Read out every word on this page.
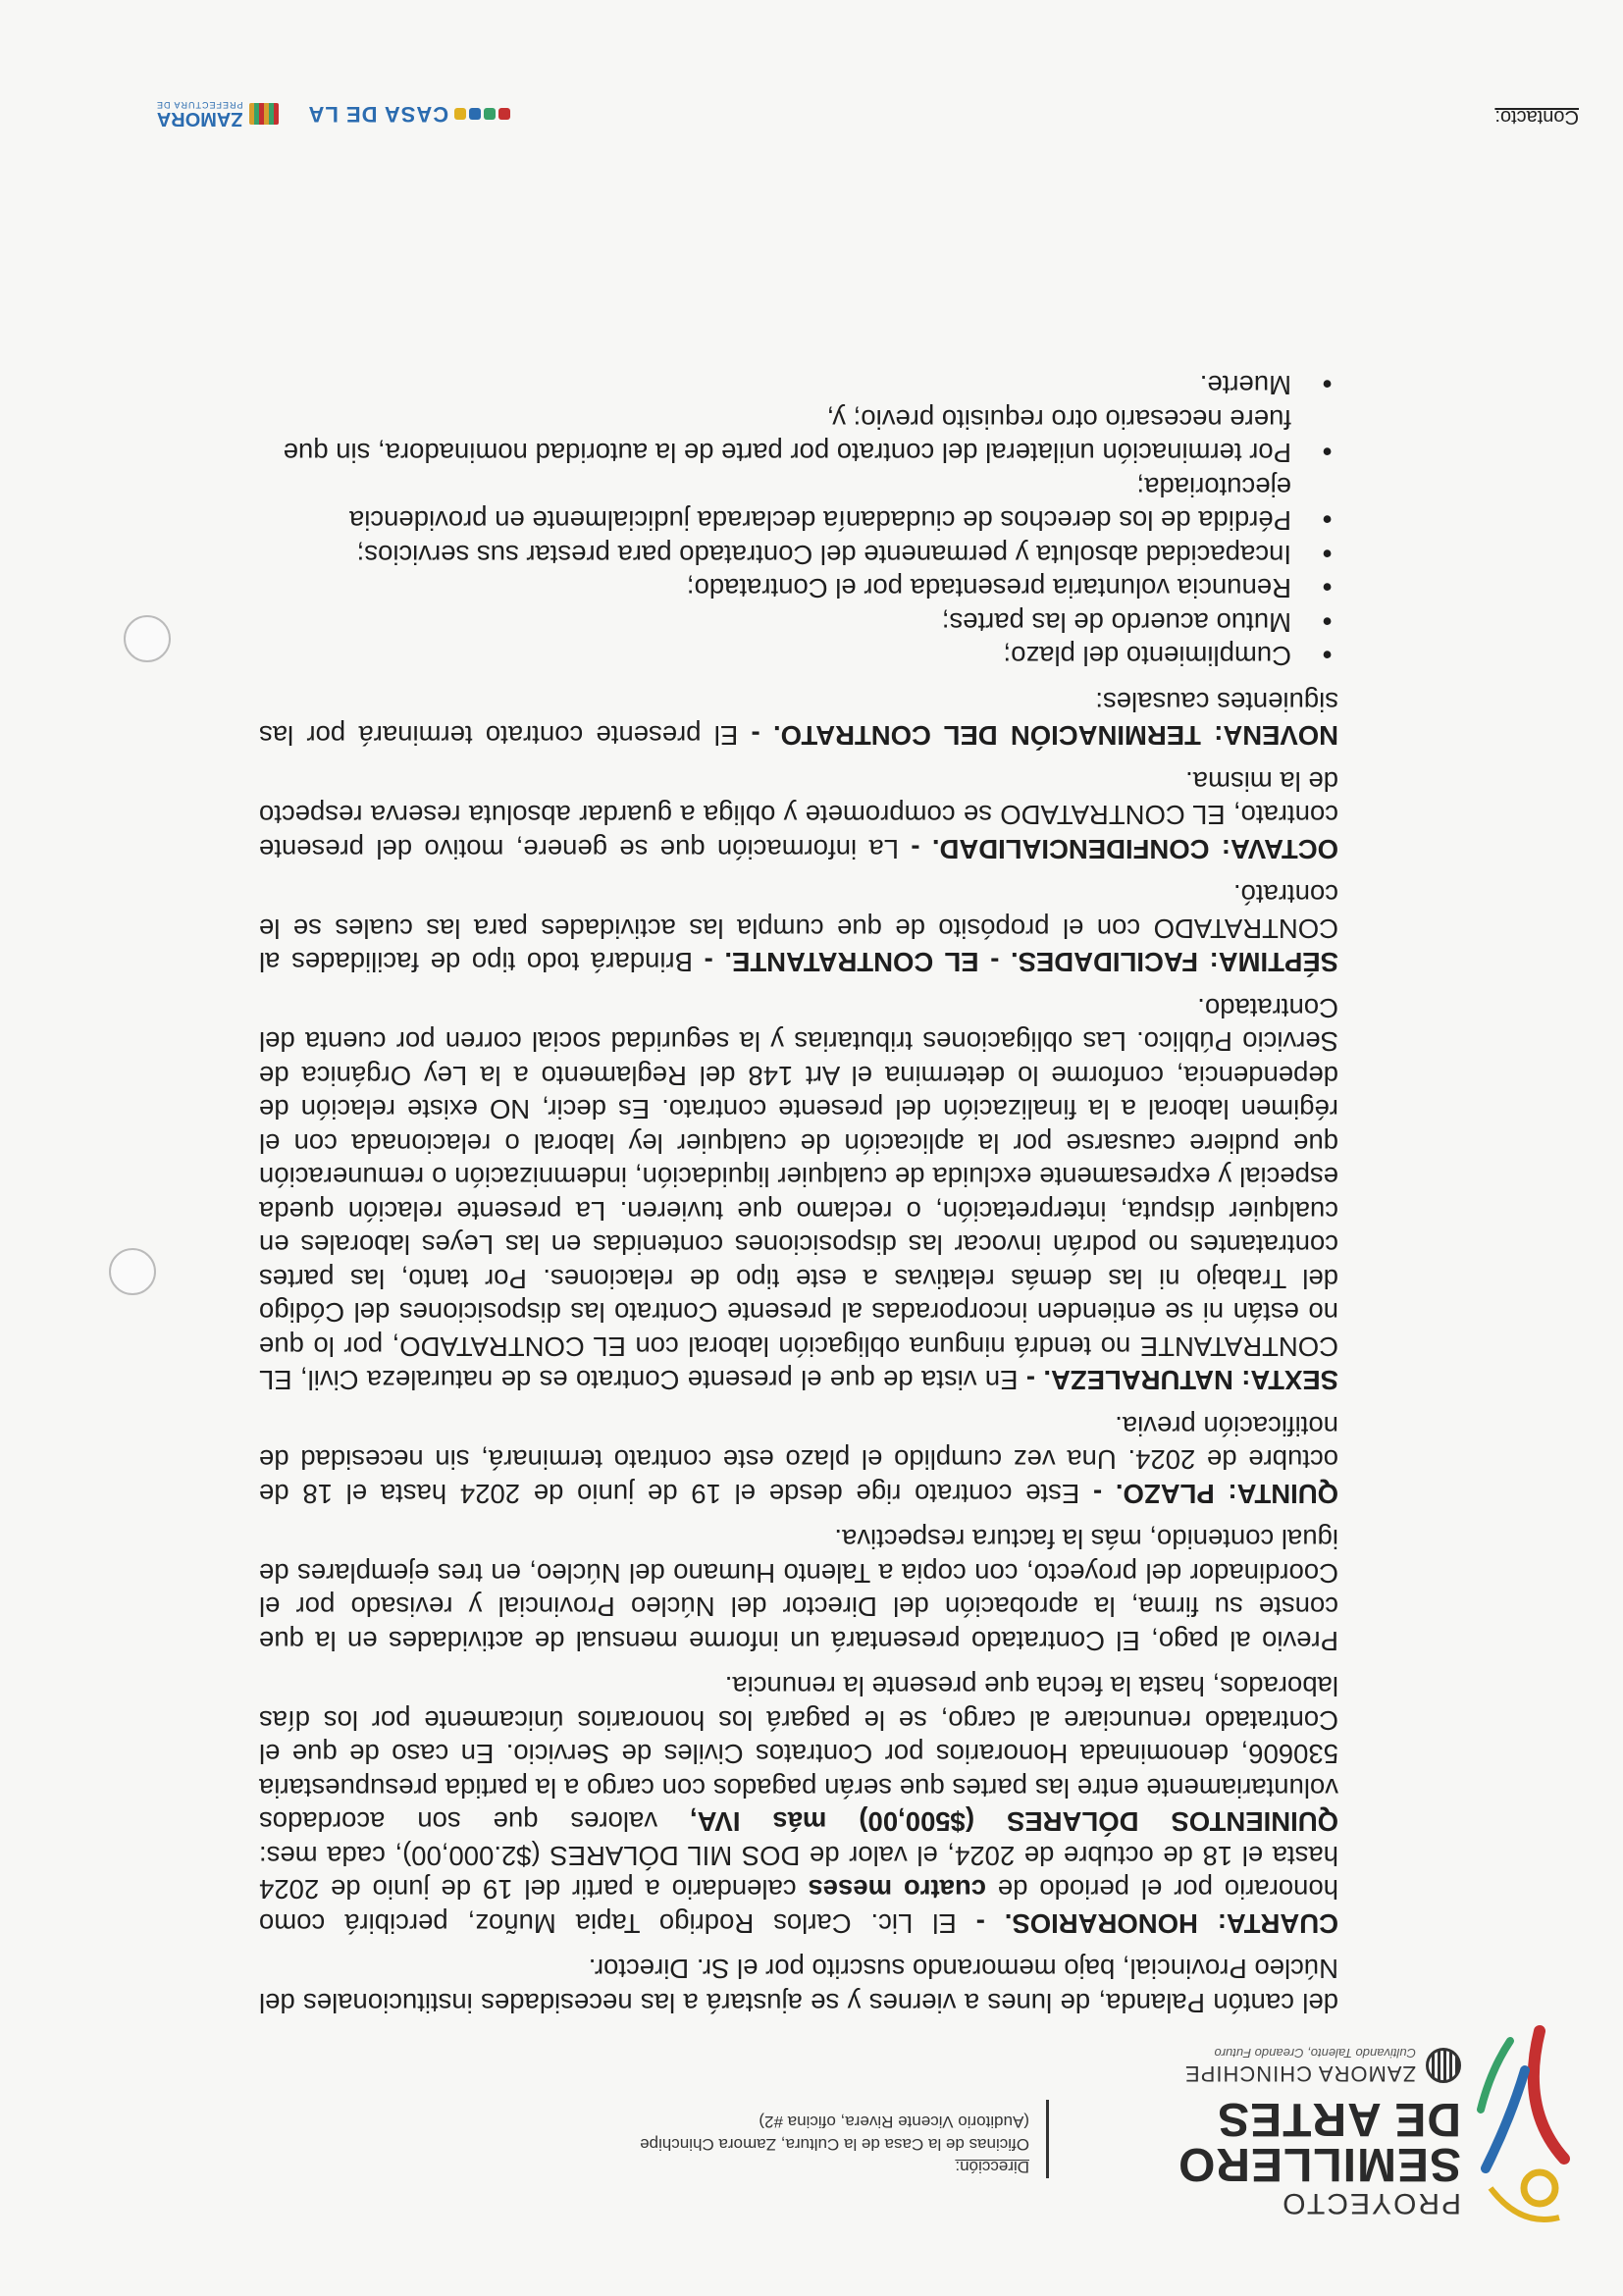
PROYECTO

SEMILLERO

DE ARTES

ZAMORA CHINCHIPE

Cultivando Talento, Creando Futuro

Dirección:

Oficinas de la Casa de la Cultura, Zamora Chinchipe

(Auditorio Vicente Rivera, oficina #2)

del cantón Palanda, de lunes a viernes y se ajustará a las necesidades institucionales del Núcleo Provincial, bajo memorando suscrito por el Sr. Director.

CUARTA: HONORARIOS. - El Lic. Carlos Rodrigo Tapia Muñoz, percibirá como honorario por el periodo de cuatro meses calendario a partir del 19 de junio de 2024 hasta el 18 de octubre de 2024, el valor de DOS MIL DÓLARES ($2.000,00), cada mes: QUINIENTOS DÓLARES ($500,00) más IVA, valores que son acordados voluntariamente entre las partes que serán pagados con cargo a la partida presupuestaria 530606, denominada Honorarios por Contratos Civiles de Servicio. En caso de que el Contratado renunciare al cargo, se le pagará los honorarios únicamente por los días laborados, hasta la fecha que presente la renuncia.

Previo al pago, El Contratado presentará un informe mensual de actividades en la que conste su firma, la aprobación del Director del Núcleo Provincial y revisado por el Coordinador del proyecto, con copia a Talento Humano del Núcleo, en tres ejemplares de igual contenido, más la factura respectiva.

QUINTA: PLAZO. - Este contrato rige desde el 19 de junio de 2024 hasta el 18 de octubre de 2024. Una vez cumplido el plazo este contrato terminará, sin necesidad de notificación previa.

SEXTA: NATURALEZA. - En vista de que el presente Contrato es de naturaleza Civil, EL CONTRATANTE no tendrá ninguna obligación laboral con EL CONTRATADO, por lo que no están ni se entienden incorporadas al presente Contrato las disposiciones del Código del Trabajo ni las demás relativas a este tipo de relaciones. Por tanto, las partes contratantes no podrán invocar las disposiciones contenidas en las Leyes laborales en cualquier disputa, interpretación, o reclamo que tuvieren. La presente relación queda especial y expresamente excluida de cualquier liquidación, indemnización o remuneración que pudiere causarse por la aplicación de cualquier ley laboral o relacionada con el régimen laboral a la finalización del presente contrato. Es decir, NO existe relación de dependencia, conforme lo determina el Art 148 del Reglamento a la Ley Orgánica de Servicio Público. Las obligaciones tributarias y la seguridad social corren por cuenta del Contratado.

SÉPTIMA: FACILIDADES. - EL CONTRATANTE. - Brindará todo tipo de facilidades al CONTRATADO con el propósito de que cumpla las actividades para las cuales se le contrató.

OCTAVA: CONFIDENCIALIDAD. - La información que se genere, motivo del presente contrato, EL CONTRATADO se compromete y obliga a guardar absoluta reserva respecto de la misma.

NOVENA: TERMINACIÓN DEL CONTRATO. - El presente contrato terminará por las siguientes causales:

● Cumplimiento del plazo;
● Mutuo acuerdo de las partes;
● Renuncia voluntaria presentada por el Contratado;
● Incapacidad absoluta y permanente del Contratado para prestar sus servicios;
● Pérdida de los derechos de ciudadanía declarada judicialmente en providencia ejecutoriada;
● Por terminación unilateral del contrato por parte de la autoridad nominadora, sin que fuere necesario otro requisito previo; y,
● Muerte.
Contacto:
CASA DE LA
ZAMORA
PREFECTURA DE
